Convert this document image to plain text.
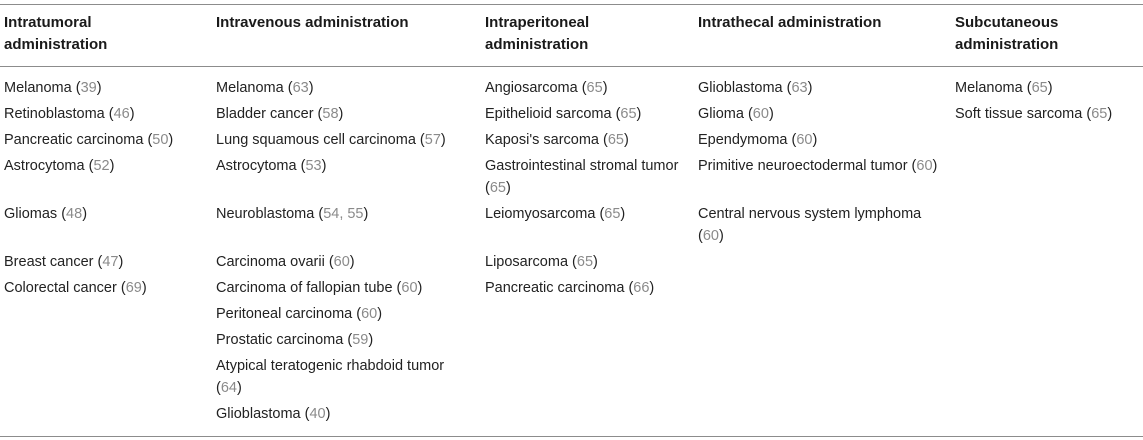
Intratumoral administration
Intravenous administration	Intraperitoneal administration
Intrathecal administration	Subcutaneous administration
Melanoma (39)
Retinoblastoma (46)
Pancreatic carcinoma (50)
Astrocytoma (52)
Gliomas (48)
Breast cancer (47)
Colorectal cancer (69)
Melanoma (63)
Bladder cancer (58)
Lung squamous cell carcinoma (57)
Astrocytoma (53)
Neuroblastoma (54, 55)
Carcinoma ovarii (60)
Carcinoma of fallopian tube (60)
Peritoneal carcinoma (60)
Prostatic carcinoma (59)
Atypical teratogenic rhabdoid tumor (64)
Glioblastoma (40)
Angiosarcoma (65)
Epithelioid sarcoma (65)
Kaposi's sarcoma (65)
Gastrointestinal stromal tumor (65)
Leiomyosarcoma (65)
Liposarcoma (65)
Pancreatic carcinoma (66)
Glioblastoma (63)
Glioma (60)
Ependymoma (60)
Primitive neuroectodermal tumor (60)
Central nervous system lymphoma (60)
Melanoma (65)
Soft tissue sarcoma (65)
